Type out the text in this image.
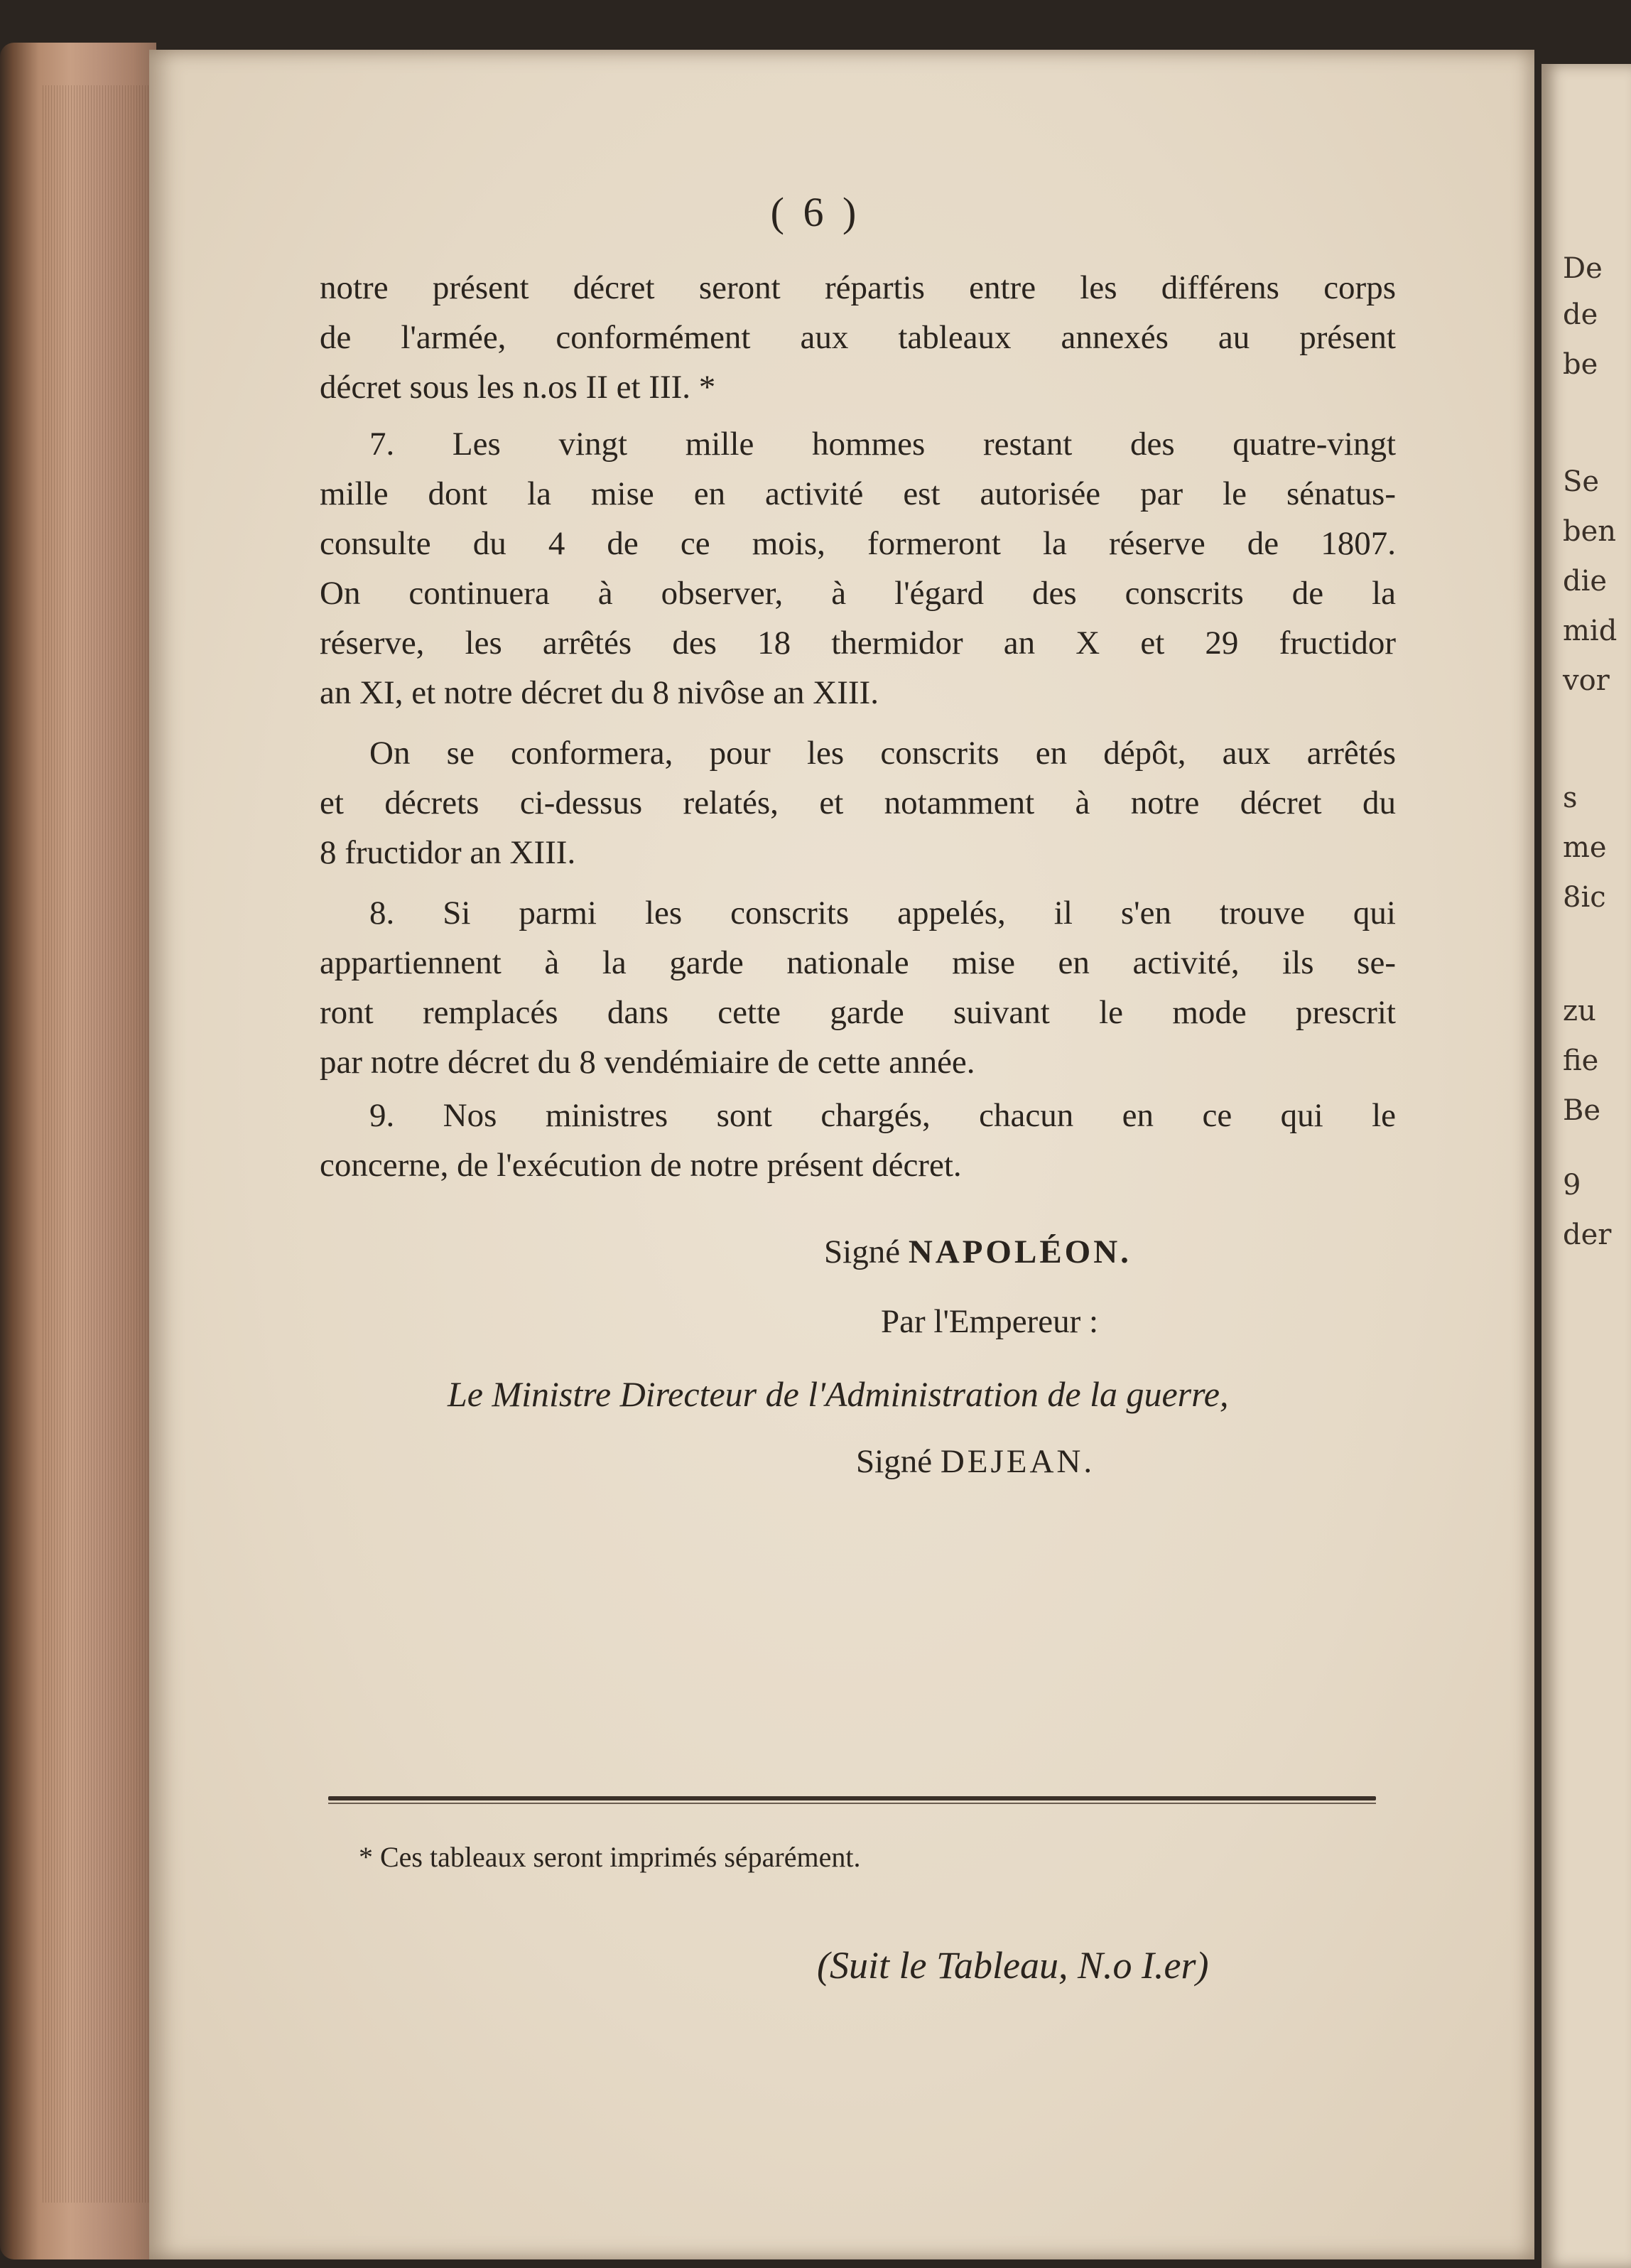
De
de
be
Se
ben
die
mid
vor
s
me
8ic
zu
fie
Be
9
der
( 6 )
notre présent décret seront répartis entre les différens corps
de l'armée, conformément aux tableaux annexés au présent
décret sous les n.os II et III. *
7. Les vingt mille hommes restant des quatre-vingt
mille dont la mise en activité est autorisée par le sénatus-
consulte du 4 de ce mois, formeront la réserve de 1807.
On continuera à observer, à l'égard des conscrits de la
réserve, les arrêtés des 18 thermidor an X et 29 fructidor
an XI, et notre décret du 8 nivôse an XIII.
On se conformera, pour les conscrits en dépôt, aux arrêtés
et décrets ci-dessus relatés, et notamment à notre décret du
8 fructidor an XIII.
8. Si parmi les conscrits appelés, il s'en trouve qui
appartiennent à la garde nationale mise en activité, ils se-
ront remplacés dans cette garde suivant le mode prescrit
par notre décret du 8 vendémiaire de cette année.
9. Nos ministres sont chargés, chacun en ce qui le
concerne, de l'exécution de notre présent décret.
Signé NAPOLÉON.
Par l'Empereur :
Le Ministre Directeur de l'Administration de la guerre,
Signé DEJEAN.
* Ces tableaux seront imprimés séparément.
(Suit le Tableau, N.o I.er)
